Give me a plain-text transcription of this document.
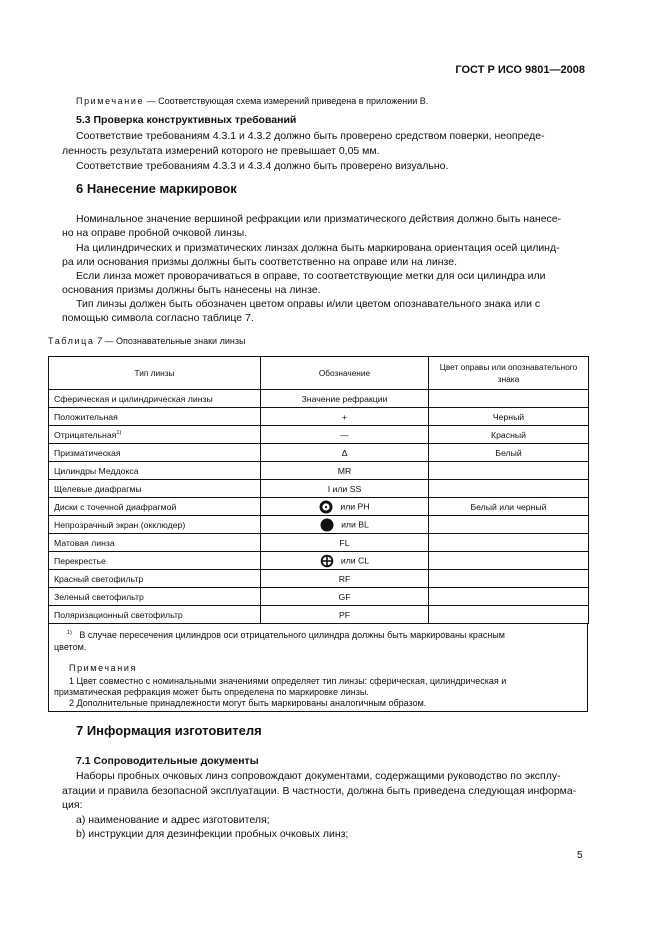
ГОСТ Р ИСО 9801—2008
Примечание — Соответствующая схема измерений приведена в приложении В.
5.3 Проверка конструктивных требований
Соответствие требованиям 4.3.1 и 4.3.2 должно быть проверено средством поверки, неопреде-
ленность результата измерений которого не превышает 0,05 мм.
Соответствие требованиям 4.3.3 и 4.3.4 должно быть проверено визуально.
6 Нанесение маркировок
Номинальное значение вершиной рефракции или призматического действия должно быть нанесе-
но на оправе пробной очковой линзы.
На цилиндрических и призматических линзах должна быть маркирована ориентация осей цилинд-
ра или основания призмы должны быть соответственно на оправе или на линзе.
Если линза может проворачиваться в оправе, то соответствующие метки для оси цилиндра или
основания призмы должны быть нанесены на линзе.
Тип линзы должен быть обозначен цветом оправы и/или цветом опознавательного знака или с
помощью символа согласно таблице 7.
Таблица 7 — Опознавательные знаки линзы
Тип линзы	Обозначение	Цвет оправы или опознавательного знака
Сферическая и цилиндрическая линзы	Значение рефракции	
Положительная	+	Черный
Отрицательная$^{1)}$	—	Красный
Призматическая	Δ	Белый
Цилиндры Меддокса	MR	
Щелевые диафрагмы	I или SS	
Диски с точечной диафрагмой	или PH	Белый или черный
Непрозрачный экран (окклюдер)	или BL	
Матовая линза	FL	
Перекрестье	или CL	
Красный светофильтр	RF	
Зеленый светофильтр	GF	
Поляризационный светофильтр	PF	
$^{1)}$ В случае пересечения цилиндров оси отрицательного цилиндра должны быть маркированы красным
цветом.
Примечания
1 Цвет совместно с номинальными значениями определяет тип линзы: сферическая, цилиндрическая и
призматическая рефракция может быть определена по маркировке линзы.
2 Дополнительные принадлежности могут быть маркированы аналогичным образом.
7 Информация изготовителя
7.1 Сопроводительные документы
Наборы пробных очковых линз сопровождают документами, содержащими руководство по эксплу-
атации и правила безопасной эксплуатации. В частности, должна быть приведена следующая информа-
ция:
a) наименование и адрес изготовителя;
b) инструкции для дезинфекции пробных очковых линз;
5
